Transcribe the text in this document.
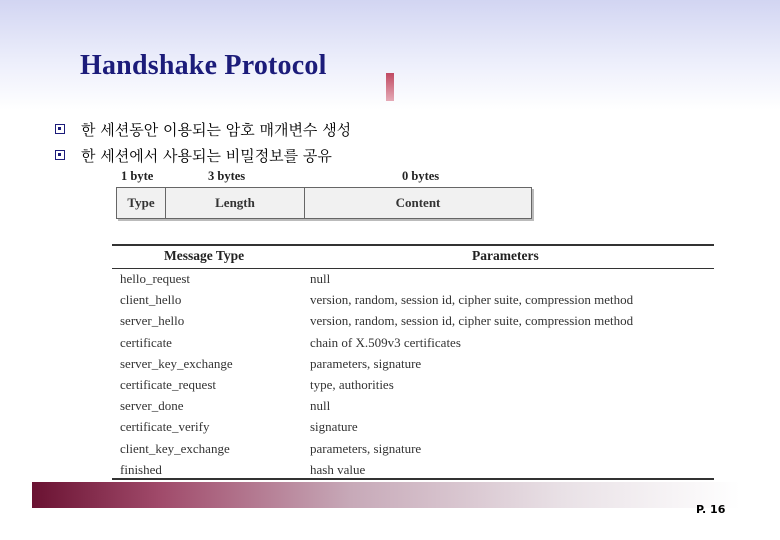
Handshake Protocol
한 세션동안 이용되는 암호 매개변수 생성
한 세션에서 사용되는 비밀정보를 공유
1 byte	3 bytes	0 bytes
Type	Length	Content
Message Type	Parameters
hello_request	null
client_hello	version, random, session id, cipher suite, compression method
server_hello	version, random, session id, cipher suite, compression method
certificate	chain of X.509v3 certificates
server_key_exchange	parameters, signature
certificate_request	type, authorities
server_done	null
certificate_verify	signature
client_key_exchange	parameters, signature
finished	hash value
P. 16
